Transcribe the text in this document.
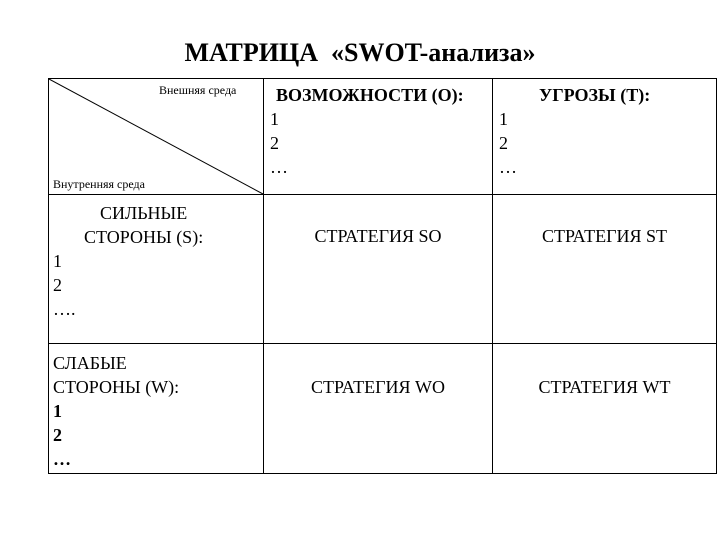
МАТРИЦА  «SWOT-анализа»
Внешняя среда
Внутренняя среда
ВОЗМОЖНОСТИ (О):
1
2
…
УГРОЗЫ (Т):
1
2
…
СИЛЬНЫЕ
СТОРОНЫ (S):
1
2
….
СЛАБЫЕ
СТОРОНЫ (W):
1
2
…
СТРАТЕГИЯ SO	СТРАТЕГИЯ ST
СТРАТЕГИЯ WO	СТРАТЕГИЯ WT
